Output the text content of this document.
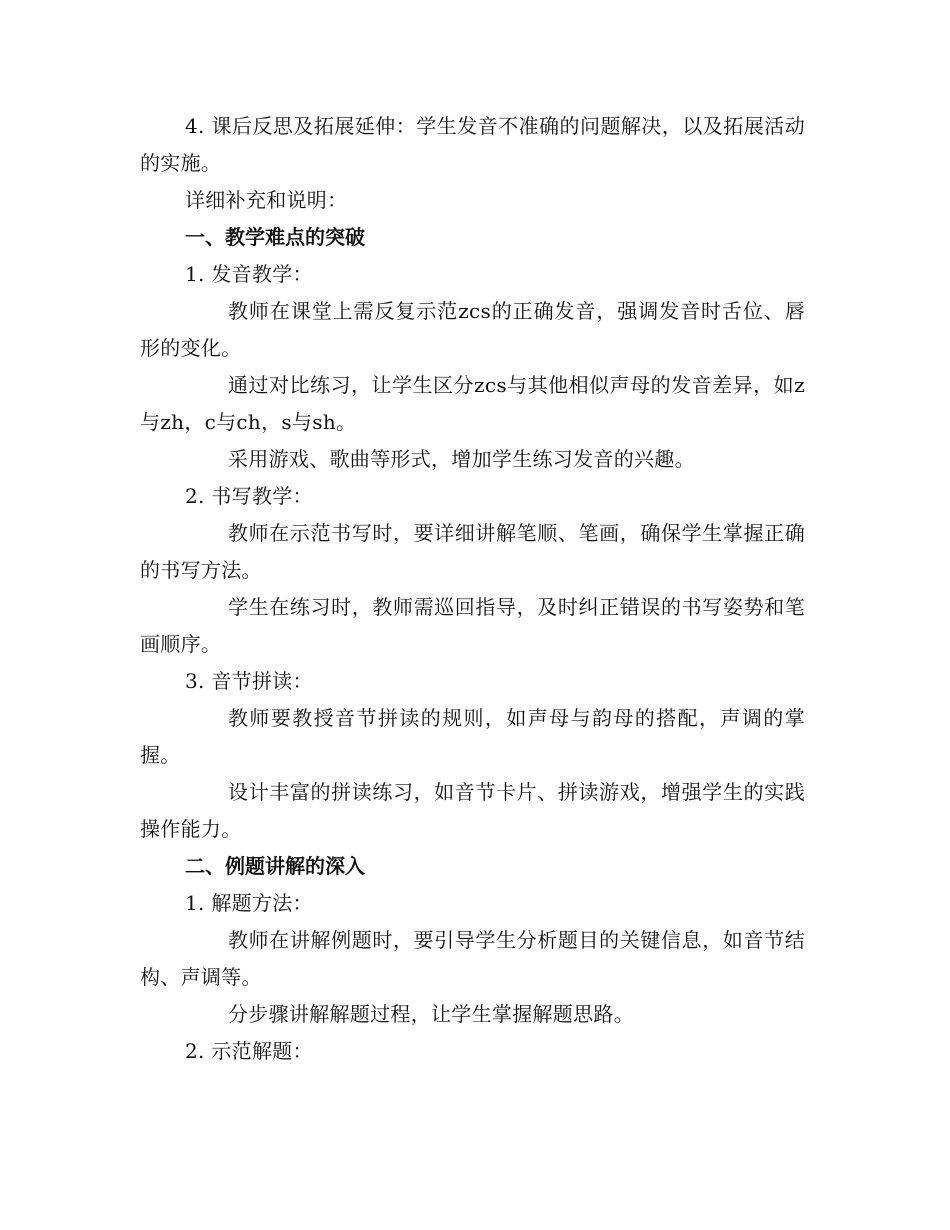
4. 课后反思及拓展延伸：学生发音不准确的问题解决，以及拓展活动的实施。

详细补充和说明：

一、教学难点的突破

1. 发音教学：

教师在课堂上需反复示范zcs的正确发音，强调发音时舌位、唇形的变化。

通过对比练习，让学生区分zcs与其他相似声母的发音差异，如z与zh，c与ch，s与sh。

采用游戏、歌曲等形式，增加学生练习发音的兴趣。

2. 书写教学：

教师在示范书写时，要详细讲解笔顺、笔画，确保学生掌握正确的书写方法。

学生在练习时，教师需巡回指导，及时纠正错误的书写姿势和笔画顺序。

3. 音节拼读：

教师要教授音节拼读的规则，如声母与韵母的搭配，声调的掌握。

设计丰富的拼读练习，如音节卡片、拼读游戏，增强学生的实践操作能力。

二、例题讲解的深入

1. 解题方法：

教师在讲解例题时，要引导学生分析题目的关键信息，如音节结构、声调等。

分步骤讲解解题过程，让学生掌握解题思路。

2. 示范解题：
